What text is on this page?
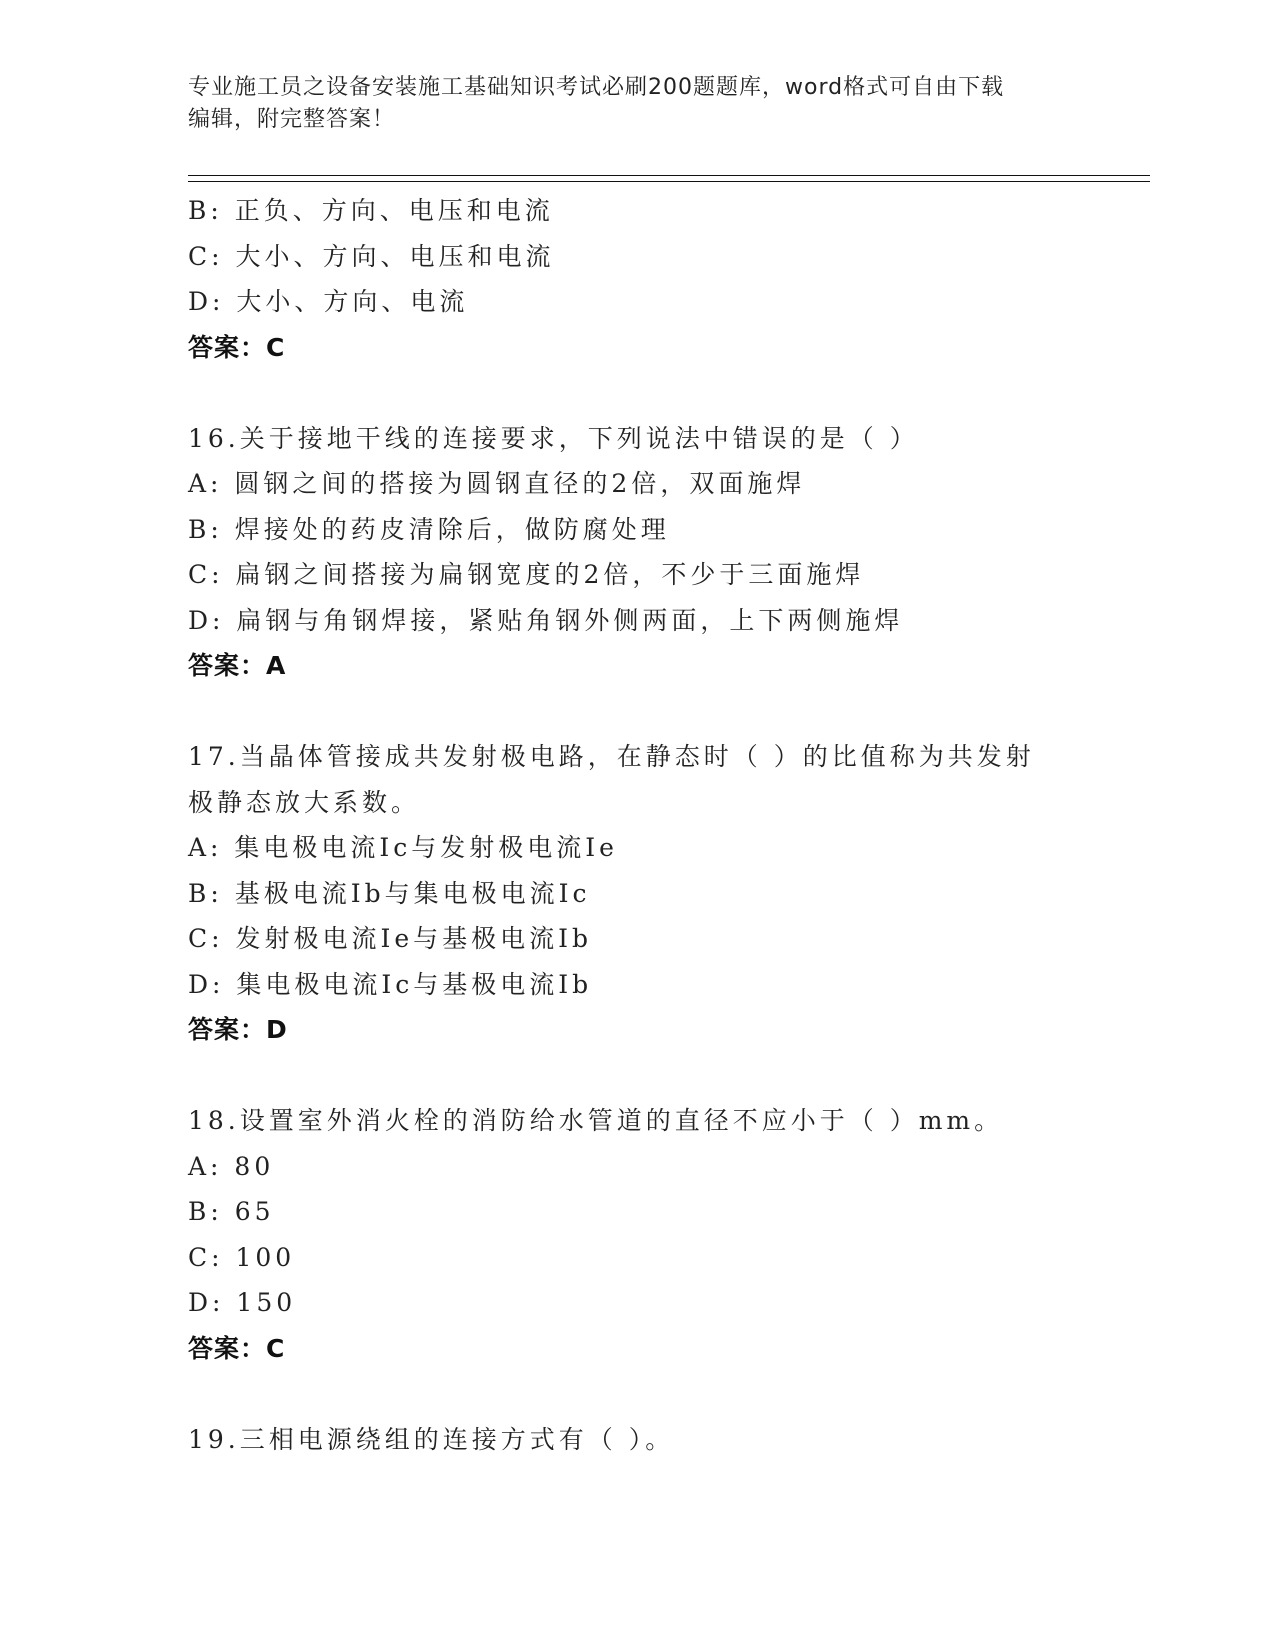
专业施工员之设备安装施工基础知识考试必刷200题题库，word格式可自由下载
编辑，附完整答案！
B: 正负、方向、电压和电流
C: 大小、方向、电压和电流
D: 大小、方向、电流
答案：C
16.关于接地干线的连接要求，下列说法中错误的是（ ）
A: 圆钢之间的搭接为圆钢直径的2倍，双面施焊
B: 焊接处的药皮清除后，做防腐处理
C: 扁钢之间搭接为扁钢宽度的2倍，不少于三面施焊
D: 扁钢与角钢焊接，紧贴角钢外侧两面，上下两侧施焊
答案：A
17.当晶体管接成共发射极电路，在静态时（ ）的比值称为共发射极静态放大系数。
A: 集电极电流Ic与发射极电流Ie
B: 基极电流Ib与集电极电流Ic
C: 发射极电流Ie与基极电流Ib
D: 集电极电流Ic与基极电流Ib
答案：D
18.设置室外消火栓的消防给水管道的直径不应小于（ ）mm。
A: 80
B: 65
C: 100
D: 150
答案：C
19.三相电源绕组的连接方式有（ ）。
